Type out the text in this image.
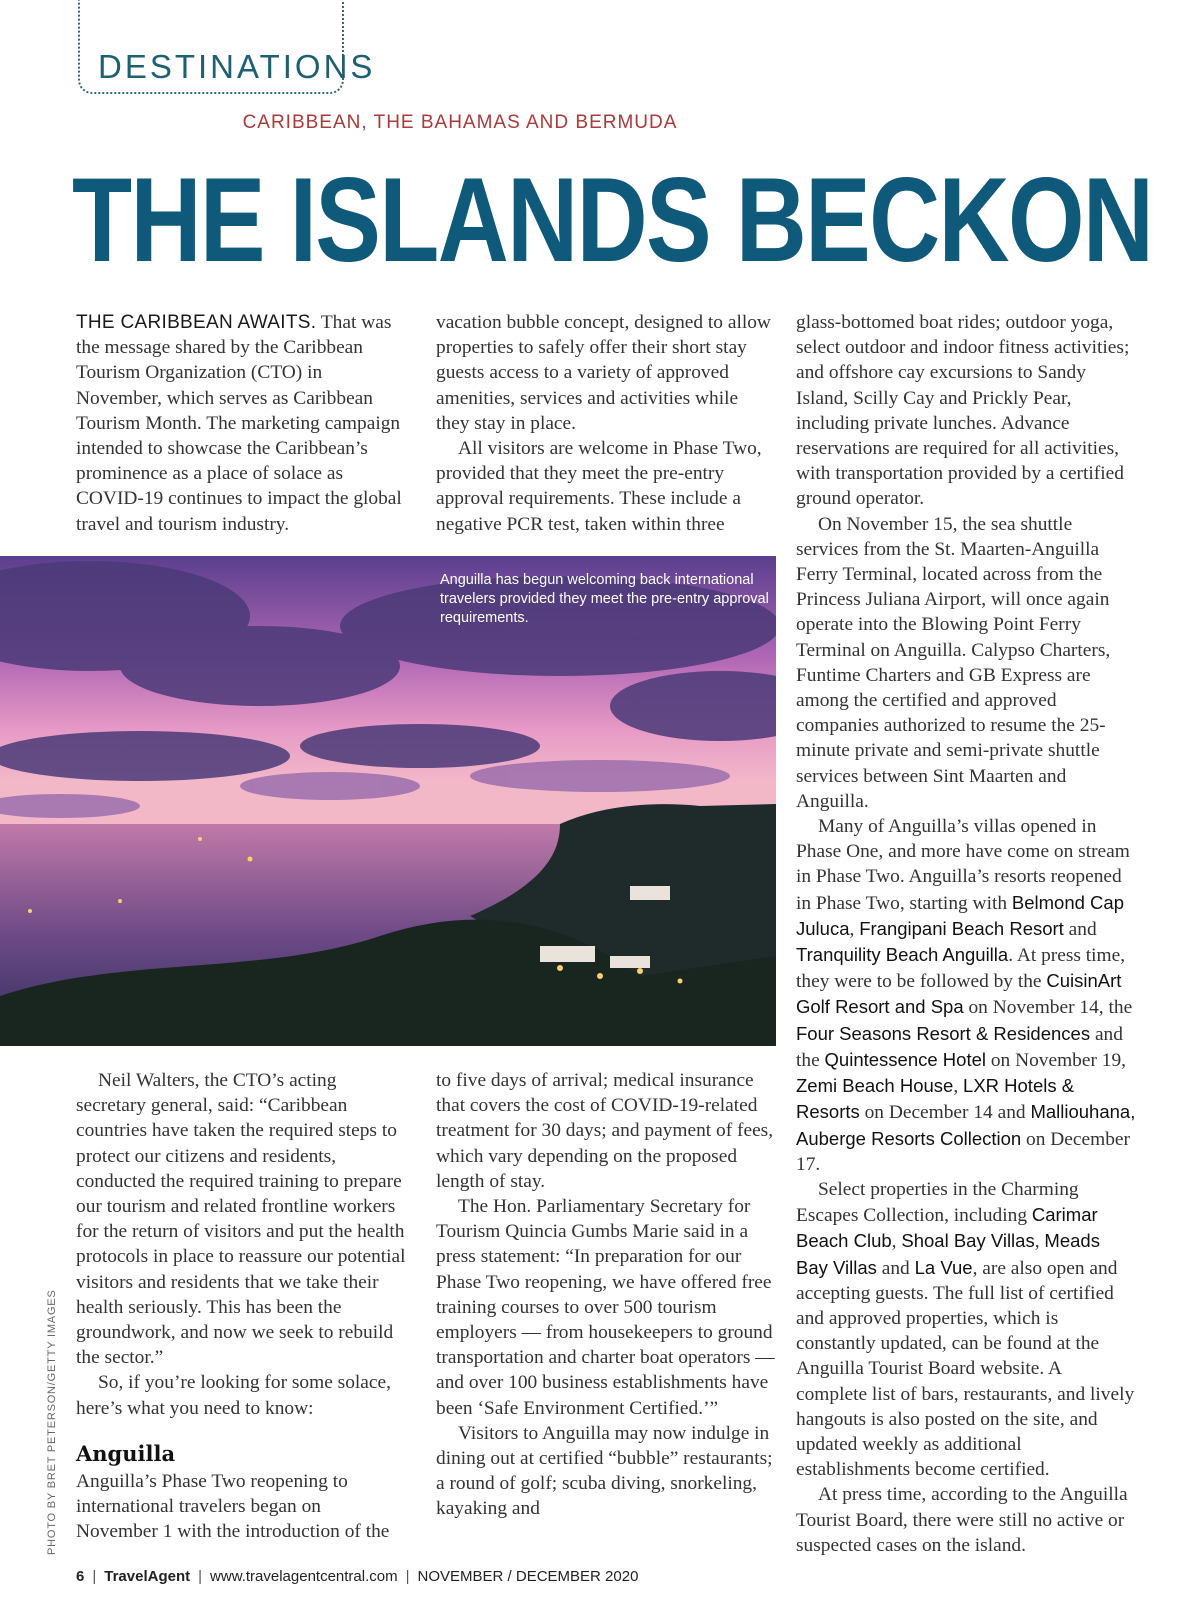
DESTINATIONS
CARIBBEAN, THE BAHAMAS AND BERMUDA
THE ISLANDS BECKON

THE CARIBBEAN AWAITS. That was the message shared by the Caribbean Tourism Organization (CTO) in November, which serves as Caribbean Tourism Month. The marketing campaign intended to showcase the Caribbean’s prominence as a place of solace as COVID-19 continues to impact the global travel and tourism industry.

vacation bubble concept, designed to allow properties to safely offer their short stay guests access to a variety of approved amenities, services and activities while they stay in place.

All visitors are welcome in Phase Two, provided that they meet the pre-entry approval requirements. These include a negative PCR test, taken within three

Anguilla has begun welcoming back international travelers provided they meet the pre-entry approval requirements.
PHOTO BY BRET PETERSON/GETTY IMAGES

Neil Walters, the CTO’s acting secretary general, said: “Caribbean countries have taken the required steps to protect our citizens and residents, conducted the required training to prepare our tourism and related frontline workers for the return of visitors and put the health protocols in place to reassure our potential visitors and residents that we take their health seriously. This has been the groundwork, and now we seek to rebuild the sector.”

So, if you’re looking for some solace, here’s what you need to know:

Anguilla

Anguilla’s Phase Two reopening to international travelers began on November 1 with the introduction of the

to five days of arrival; medical insurance that covers the cost of COVID-19-related treatment for 30 days; and payment of fees, which vary depending on the proposed length of stay.

The Hon. Parliamentary Secretary for Tourism Quincia Gumbs Marie said in a press statement: “In preparation for our Phase Two reopening, we have offered free training courses to over 500 tourism employers — from housekeepers to ground transportation and charter boat operators — and over 100 business establishments have been ‘Safe Environment Certified.’”

Visitors to Anguilla may now indulge in dining out at certified “bubble” restaurants; a round of golf; scuba diving, snorkeling, kayaking and

glass-bottomed boat rides; outdoor yoga, select outdoor and indoor fitness activities; and offshore cay excursions to Sandy Island, Scilly Cay and Prickly Pear, including private lunches. Advance reservations are required for all activities, with transportation provided by a certified ground operator.

On November 15, the sea shuttle services from the St. Maarten-Anguilla Ferry Terminal, located across from the Princess Juliana Airport, will once again operate into the Blowing Point Ferry Terminal on Anguilla. Calypso Charters, Funtime Charters and GB Express are among the certified and approved companies authorized to resume the 25-minute private and semi-private shuttle services between Sint Maarten and Anguilla.

Many of Anguilla’s villas opened in Phase One, and more have come on stream in Phase Two. Anguilla’s resorts reopened in Phase Two, starting with Belmond Cap Juluca, Frangipani Beach Resort and Tranquility Beach Anguilla. At press time, they were to be followed by the CuisinArt Golf Resort and Spa on November 14, the Four Seasons Resort & Residences and the Quintessence Hotel on November 19, Zemi Beach House, LXR Hotels & Resorts on December 14 and Malliouhana, Auberge Resorts Collection on December 17.

Select properties in the Charming Escapes Collection, including Carimar Beach Club, Shoal Bay Villas, Meads Bay Villas and La Vue, are also open and accepting guests. The full list of certified and approved properties, which is constantly updated, can be found at the Anguilla Tourist Board website. A complete list of bars, restaurants, and lively hangouts is also posted on the site, and updated weekly as additional establishments become certified.

At press time, according to the Anguilla Tourist Board, there were still no active or suspected cases on the island.

6 | TravelAgent | www.travelagentcentral.com | NOVEMBER / DECEMBER 2020
